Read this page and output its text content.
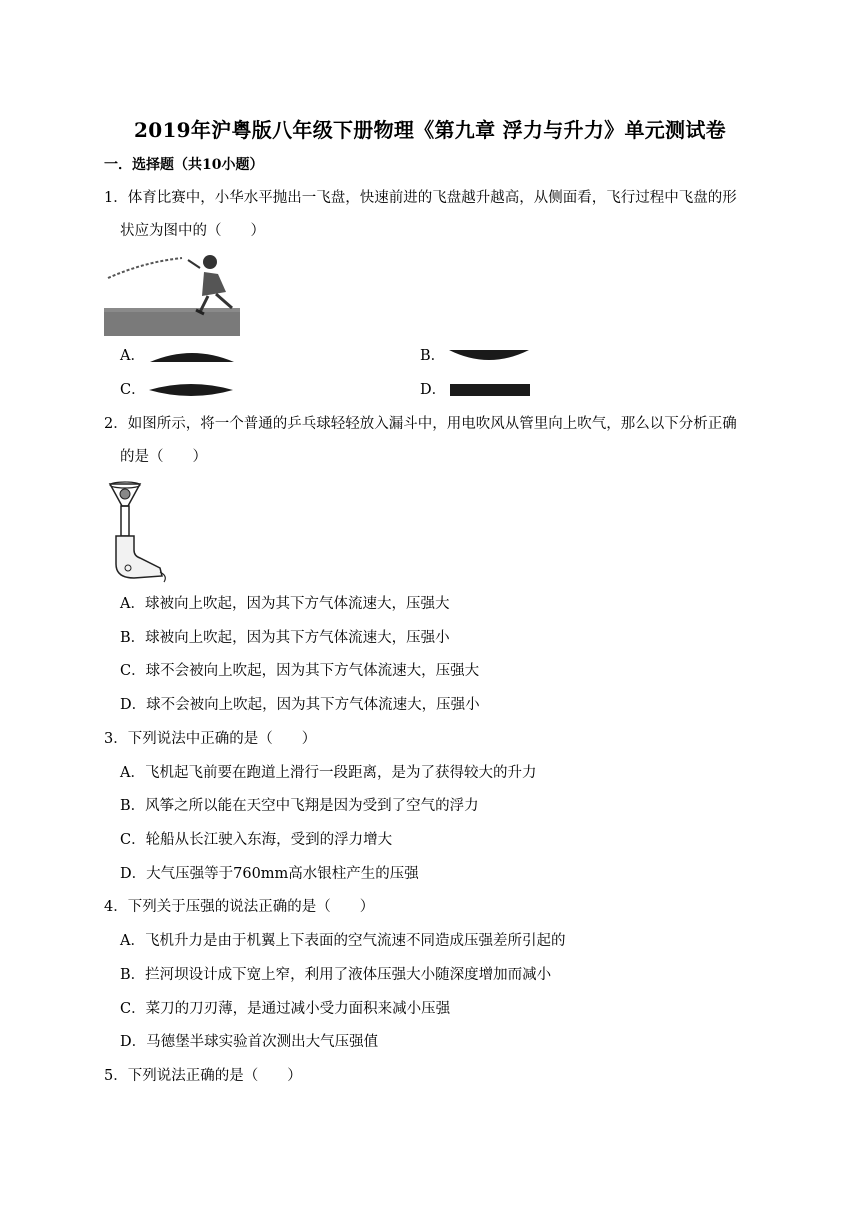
2019年沪粤版八年级下册物理《第九章 浮力与升力》单元测试卷
一．选择题（共10小题）
1．体育比赛中，小华水平抛出一飞盘，快速前进的飞盘越升越高，从侧面看，飞行过程中飞盘的形
状应为图中的（　　）
A．	B．
C．	D．
2．如图所示，将一个普通的乒乓球轻轻放入漏斗中，用电吹风从管里向上吹气，那么以下分析正确
的是（　　）
A．球被向上吹起，因为其下方气体流速大，压强大
B．球被向上吹起，因为其下方气体流速大，压强小
C．球不会被向上吹起，因为其下方气体流速大，压强大
D．球不会被向上吹起，因为其下方气体流速大，压强小
3．下列说法中正确的是（　　）
A．飞机起飞前要在跑道上滑行一段距离，是为了获得较大的升力
B．风筝之所以能在天空中飞翔是因为受到了空气的浮力
C．轮船从长江驶入东海，受到的浮力增大
D．大气压强等于760mm高水银柱产生的压强
4．下列关于压强的说法正确的是（　　）
A．飞机升力是由于机翼上下表面的空气流速不同造成压强差所引起的
B．拦河坝设计成下宽上窄，利用了液体压强大小随深度增加而减小
C．菜刀的刀刃薄，是通过减小受力面积来减小压强
D．马德堡半球实验首次测出大气压强值
5．下列说法正确的是（　　）
